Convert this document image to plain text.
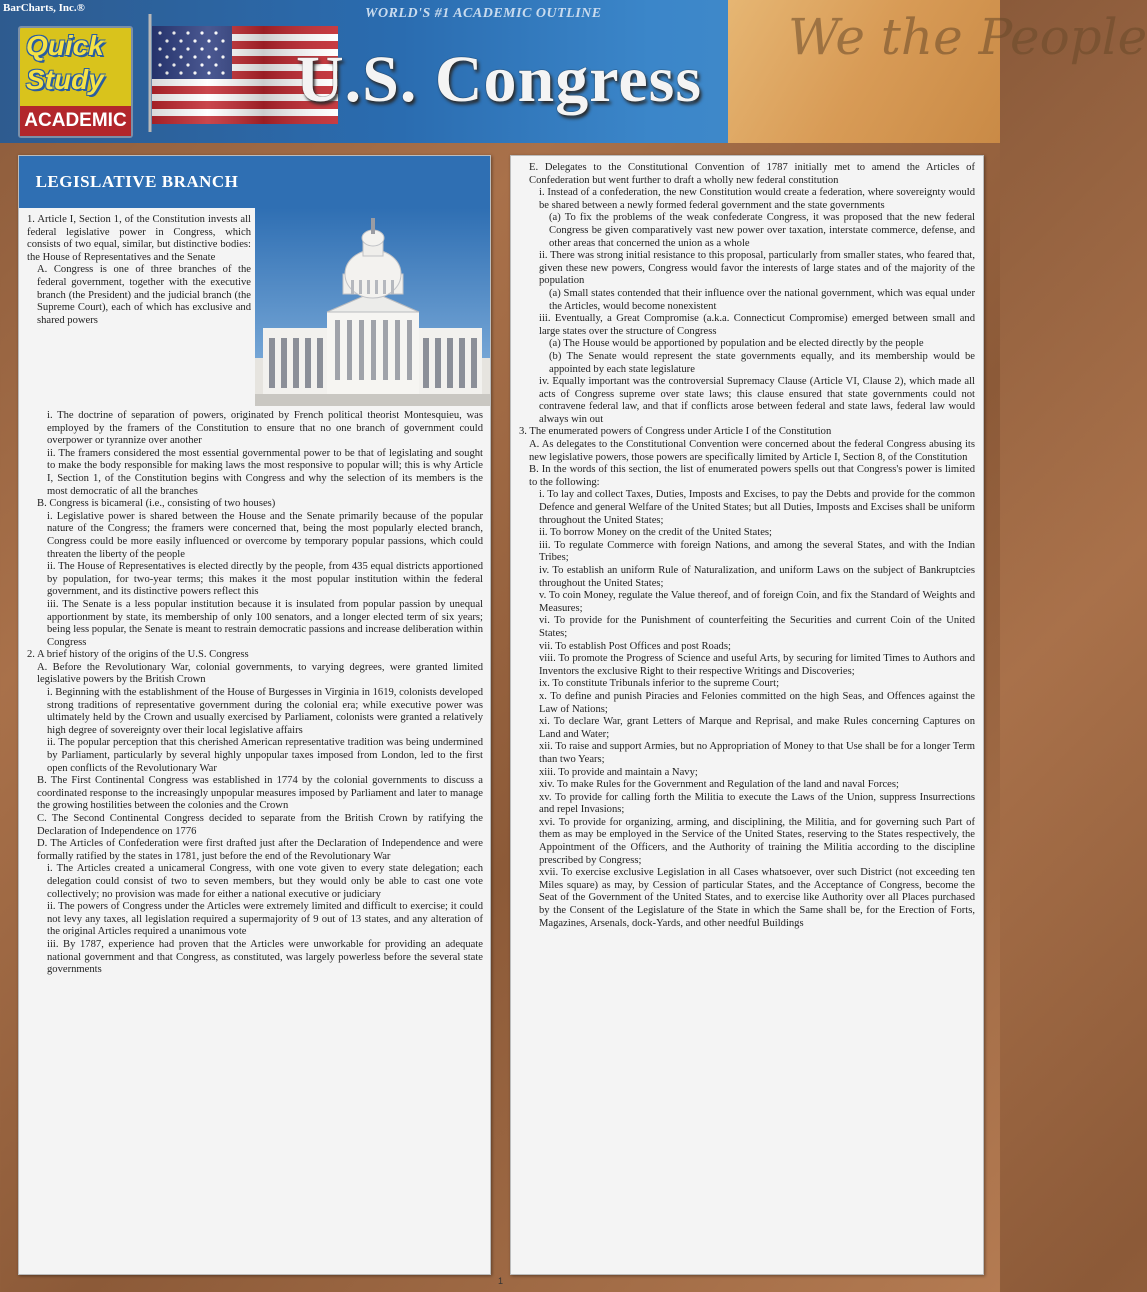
BarCharts, Inc.®	WORLD'S #1 ACADEMIC OUTLINE
Quick
Study
ACADEMIC
We the People
U.S. Congress
LEGISLATIVE BRANCH

1. Article I, Section 1, of the Constitution invests all federal legislative power in Congress, which consists of two equal, similar, but distinctive bodies: the House of Representatives and the Senate

A. Congress is one of three branches of the federal government, together with the executive branch (the President) and the judicial branch (the Supreme Court), each of which has exclusive and shared powers

i. The doctrine of separation of powers, originated by French political theorist Montesquieu, was employed by the framers of the Constitution to ensure that no one branch of government could overpower or tyrannize over another

ii. The framers considered the most essential governmental power to be that of legislating and sought to make the body responsible for making laws the most responsive to popular will; this is why Article I, Section 1, of the Constitution begins with Congress and why the selection of its members is the most democratic of all the branches

B. Congress is bicameral (i.e., consisting of two houses)

i. Legislative power is shared between the House and the Senate primarily because of the popular nature of the Congress; the framers were concerned that, being the most popularly elected branch, Congress could be more easily influenced or overcome by temporary popular passions, which could threaten the liberty of the people

ii. The House of Representatives is elected directly by the people, from 435 equal districts apportioned by population, for two-year terms; this makes it the most popular institution within the federal government, and its distinctive powers reflect this

iii. The Senate is a less popular institution because it is insulated from popular passion by unequal apportionment by state, its membership of only 100 senators, and a longer elected term of six years; being less popular, the Senate is meant to restrain democratic passions and increase deliberation within Congress

2. A brief history of the origins of the U.S. Congress

A. Before the Revolutionary War, colonial governments, to varying degrees, were granted limited legislative powers by the British Crown

i. Beginning with the establishment of the House of Burgesses in Virginia in 1619, colonists developed strong traditions of representative government during the colonial era; while executive power was ultimately held by the Crown and usually exercised by Parliament, colonists were granted a relatively high degree of sovereignty over their local legislative affairs

ii. The popular perception that this cherished American representative tradition was being undermined by Parliament, particularly by several highly unpopular taxes imposed from London, led to the first open conflicts of the Revolutionary War

B. The First Continental Congress was established in 1774 by the colonial governments to discuss a coordinated response to the increasingly unpopular measures imposed by Parliament and later to manage the growing hostilities between the colonies and the Crown

C. The Second Continental Congress decided to separate from the British Crown by ratifying the Declaration of Independence on 1776

D. The Articles of Confederation were first drafted just after the Declaration of Independence and were formally ratified by the states in 1781, just before the end of the Revolutionary War

i. The Articles created a unicameral Congress, with one vote given to every state delegation; each delegation could consist of two to seven members, but they would only be able to cast one vote collectively; no provision was made for either a national executive or judiciary

ii. The powers of Congress under the Articles were extremely limited and difficult to exercise; it could not levy any taxes, all legislation required a supermajority of 9 out of 13 states, and any alteration of the original Articles required a unanimous vote

iii. By 1787, experience had proven that the Articles were unworkable for providing an adequate national government and that Congress, as constituted, was largely powerless before the several state governments

E. Delegates to the Constitutional Convention of 1787 initially met to amend the Articles of Confederation but went further to draft a wholly new federal constitution

i. Instead of a confederation, the new Constitution would create a federation, where sovereignty would be shared between a newly formed federal government and the state governments

(a) To fix the problems of the weak confederate Congress, it was proposed that the new federal Congress be given comparatively vast new power over taxation, interstate commerce, defense, and other areas that concerned the union as a whole

ii. There was strong initial resistance to this proposal, particularly from smaller states, who feared that, given these new powers, Congress would favor the interests of large states and of the majority of the population

(a) Small states contended that their influence over the national government, which was equal under the Articles, would become nonexistent

iii. Eventually, a Great Compromise (a.k.a. Connecticut Compromise) emerged between small and large states over the structure of Congress

(a) The House would be apportioned by population and be elected directly by the people

(b) The Senate would represent the state governments equally, and its membership would be appointed by each state legislature

iv. Equally important was the controversial Supremacy Clause (Article VI, Clause 2), which made all acts of Congress supreme over state laws; this clause ensured that state governments could not contravene federal law, and that if conflicts arose between federal and state laws, federal law would always win out

3. The enumerated powers of Congress under Article I of the Constitution

A. As delegates to the Constitutional Convention were concerned about the federal Congress abusing its new legislative powers, those powers are specifically limited by Article I, Section 8, of the Constitution

B. In the words of this section, the list of enumerated powers spells out that Congress's power is limited to the following:

i. To lay and collect Taxes, Duties, Imposts and Excises, to pay the Debts and provide for the common Defence and general Welfare of the United States; but all Duties, Imposts and Excises shall be uniform throughout the United States;

ii. To borrow Money on the credit of the United States;

iii. To regulate Commerce with foreign Nations, and among the several States, and with the Indian Tribes;

iv. To establish an uniform Rule of Naturalization, and uniform Laws on the subject of Bankruptcies throughout the United States;

v. To coin Money, regulate the Value thereof, and of foreign Coin, and fix the Standard of Weights and Measures;

vi. To provide for the Punishment of counterfeiting the Securities and current Coin of the United States;

vii. To establish Post Offices and post Roads;

viii. To promote the Progress of Science and useful Arts, by securing for limited Times to Authors and Inventors the exclusive Right to their respective Writings and Discoveries;

ix. To constitute Tribunals inferior to the supreme Court;

x. To define and punish Piracies and Felonies committed on the high Seas, and Offences against the Law of Nations;

xi. To declare War, grant Letters of Marque and Reprisal, and make Rules concerning Captures on Land and Water;

xii. To raise and support Armies, but no Appropriation of Money to that Use shall be for a longer Term than two Years;

xiii. To provide and maintain a Navy;

xiv. To make Rules for the Government and Regulation of the land and naval Forces;

xv. To provide for calling forth the Militia to execute the Laws of the Union, suppress Insurrections and repel Invasions;

xvi. To provide for organizing, arming, and disciplining, the Militia, and for governing such Part of them as may be employed in the Service of the United States, reserving to the States respectively, the Appointment of the Officers, and the Authority of training the Militia according to the discipline prescribed by Congress;

xvii. To exercise exclusive Legislation in all Cases whatsoever, over such District (not exceeding ten Miles square) as may, by Cession of particular States, and the Acceptance of Congress, become the Seat of the Government of the United States, and to exercise like Authority over all Places purchased by the Consent of the Legislature of the State in which the Same shall be, for the Erection of Forts, Magazines, Arsenals, dock-Yards, and other needful Buildings

1
